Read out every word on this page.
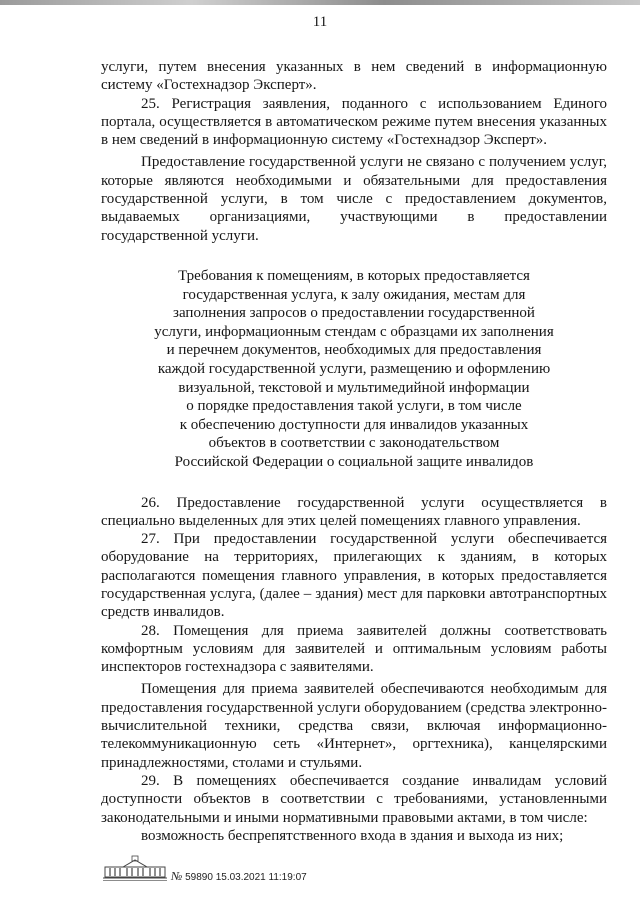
11

услуги, путем внесения указанных в нем сведений в информационную систему «Гостехнадзор Эксперт».

25. Регистрация заявления, поданного с использованием Единого портала, осуществляется в автоматическом режиме путем внесения указанных в нем сведений в информационную систему «Гостехнадзор Эксперт».

Предоставление государственной услуги не связано с получением услуг, которые являются необходимыми и обязательными для предоставления государственной услуги, в том числе с предоставлением документов, выдаваемых организациями, участвующими в предоставлении государственной услуги.

Требования к помещениям, в которых предоставляется
государственная услуга, к залу ожидания, местам для
заполнения запросов о предоставлении государственной
услуги, информационным стендам с образцами их заполнения
и перечнем документов, необходимых для предоставления
каждой государственной услуги, размещению и оформлению
визуальной, текстовой и мультимедийной информации
о порядке предоставления такой услуги, в том числе
к обеспечению доступности для инвалидов указанных
объектов в соответствии с законодательством
Российской Федерации о социальной защите инвалидов

26. Предоставление государственной услуги осуществляется в специально выделенных для этих целей помещениях главного управления.

27. При предоставлении государственной услуги обеспечивается оборудование на территориях, прилегающих к зданиям, в которых располагаются помещения главного управления, в которых предоставляется государственная услуга, (далее – здания) мест для парковки автотранспортных средств инвалидов.

28. Помещения для приема заявителей должны соответствовать комфортным условиям для заявителей и оптимальным условиям работы инспекторов гостехнадзора с заявителями.

Помещения для приема заявителей обеспечиваются необходимым для предоставления государственной услуги оборудованием (средства электронно-вычислительной техники, средства связи, включая информационно-телекоммуникационную сеть «Интернет», оргтехника), канцелярскими принадлежностями, столами и стульями.

29. В помещениях обеспечивается создание инвалидам условий доступности объектов в соответствии с требованиями, установленными законодательными и иными нормативными правовыми актами, в том числе:

возможность беспрепятственного входа в здания и выхода из них;

№ 59890 15.03.2021 11:19:07
